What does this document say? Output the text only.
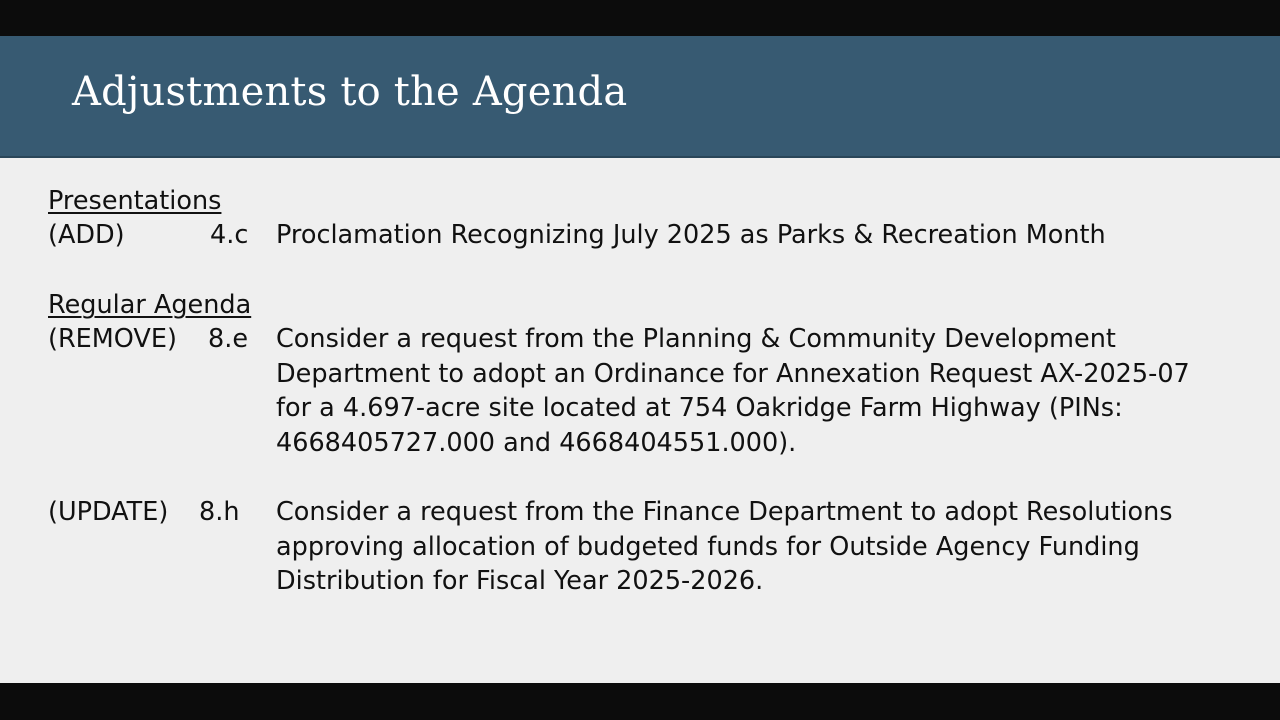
Adjustments to the Agenda
Presentations
(ADD)	4.c Proclamation Recognizing July 2025 as Parks & Recreation Month
Regular Agenda
(REMOVE) 8.e Consider a request from the Planning & Community Development Department to adopt an Ordinance for Annexation Request AX-2025-07 for a 4.697-acre site located at 754 Oakridge Farm Highway (PINs: 4668405727.000 and 4668404551.000).
(UPDATE) 8.h Consider a request from the Finance Department to adopt Resolutions approving allocation of budgeted funds for Outside Agency Funding Distribution for Fiscal Year 2025-2026.
